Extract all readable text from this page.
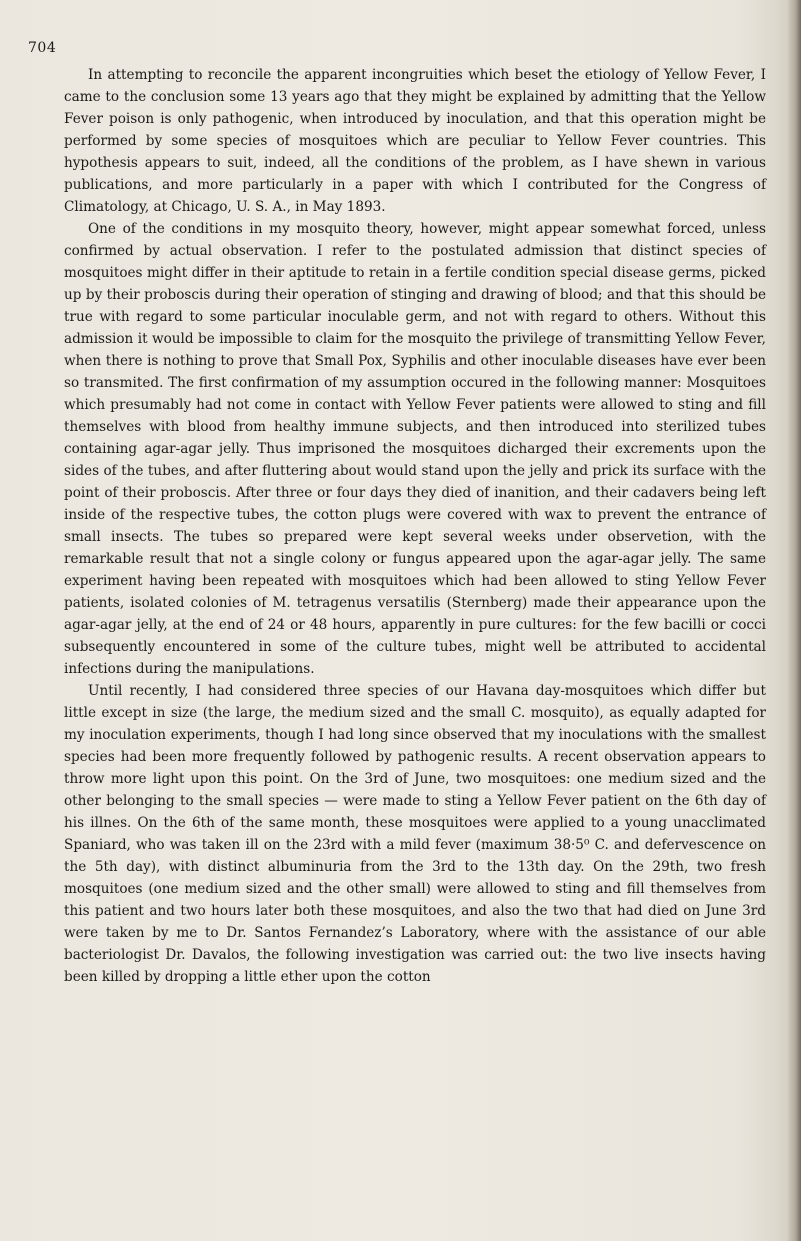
704

In attempting to reconcile the apparent incongruities which beset the etiology of Yellow Fever, I came to the conclusion some 13 years ago that they might be explained by admitting that the Yellow Fever poison is only pathogenic, when introduced by inoculation, and that this operation might be performed by some species of mosquitoes which are peculiar to Yellow Fever countries. This hypothesis appears to suit, indeed, all the conditions of the problem, as I have shewn in various publications, and more particularly in a paper with which I contributed for the Congress of Climatology, at Chicago, U. S. A., in May 1893.

One of the conditions in my mosquito theory, however, might appear somewhat forced, unless confirmed by actual observation. I refer to the postulated admission that distinct species of mosquitoes might differ in their aptitude to retain in a fertile condition special disease germs, picked up by their proboscis during their operation of stinging and drawing of blood; and that this should be true with regard to some particular inoculable germ, and not with regard to others. Without this admission it would be impossible to claim for the mosquito the privilege of transmitting Yellow Fever, when there is nothing to prove that Small Pox, Syphilis and other inoculable diseases have ever been so transmited. The first confirmation of my assumption occured in the following manner: Mosquitoes which presumably had not come in contact with Yellow Fever patients were allowed to sting and fill themselves with blood from healthy immune subjects, and then introduced into sterilized tubes containing agar-agar jelly. Thus imprisoned the mosquitoes dicharged their excrements upon the sides of the tubes, and after fluttering about would stand upon the jelly and prick its surface with the point of their proboscis. After three or four days they died of inanition, and their cadavers being left inside of the respective tubes, the cotton plugs were covered with wax to prevent the entrance of small insects. The tubes so prepared were kept several weeks under observetion, with the remarkable result that not a single colony or fungus appeared upon the agar-agar jelly. The same experiment having been repeated with mosquitoes which had been allowed to sting Yellow Fever patients, isolated colonies of M. tetragenus versatilis (Sternberg) made their appearance upon the agar-agar jelly, at the end of 24 or 48 hours, apparently in pure cultures: for the few bacilli or cocci subsequently encountered in some of the culture tubes, might well be attributed to accidental infections during the manipulations.

Until recently, I had considered three species of our Havana day-mosquitoes which differ but little except in size (the large, the medium sized and the small C. mosquito), as equally adapted for my inoculation experiments, though I had long since observed that my inoculations with the smallest species had been more frequently followed by pathogenic results. A recent observation appears to throw more light upon this point. On the 3rd of June, two mosquitoes: one medium sized and the other belonging to the small species — were made to sting a Yellow Fever patient on the 6th day of his illnes. On the 6th of the same month, these mosquitoes were applied to a young unacclimated Spaniard, who was taken ill on the 23rd with a mild fever (maximum 38·5⁰ C. and defervescence on the 5th day), with distinct albuminuria from the 3rd to the 13th day. On the 29th, two fresh mosquitoes (one medium sized and the other small) were allowed to sting and fill themselves from this patient and two hours later both these mosquitoes, and also the two that had died on June 3rd were taken by me to Dr. Santos Fernandez’s Laboratory, where with the assistance of our able bacteriologist Dr. Davalos, the following investigation was carried out: the two live insects having been killed by dropping a little ether upon the cotton
